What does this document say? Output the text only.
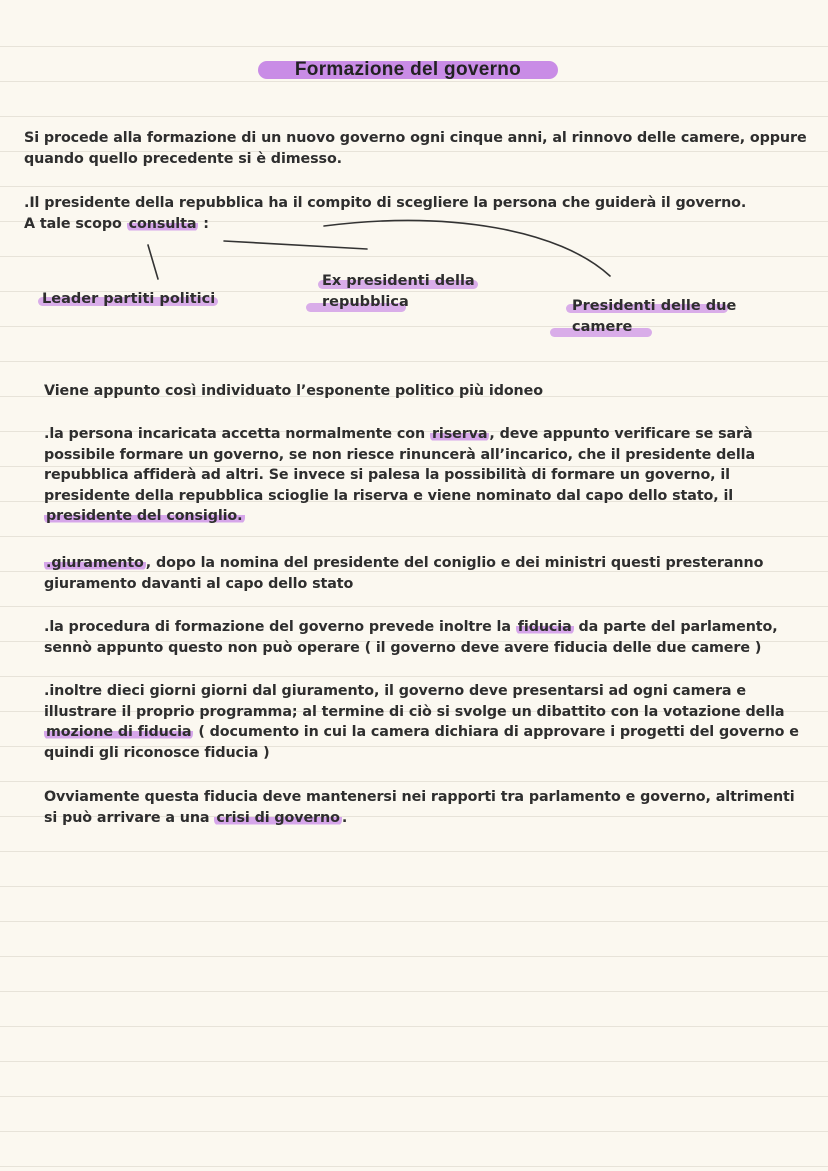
Formazione del governo
Si procede alla formazione di un nuovo governo ogni cinque anni, al rinnovo delle camere, oppure
quando quello precedente si è dimesso.
.Il presidente della repubblica ha il compito di scegliere la persona che guiderà il governo.
A tale scopo consulta :
Leader partiti politici
Ex presidenti della
repubblica	Presidenti delle due
camere
Viene appunto così individuato l’esponente politico più idoneo
.la persona incaricata accetta normalmente con riserva , deve appunto verificare se sarà
possibile formare un governo, se non riesce rinuncerà all’incarico, che il presidente della
repubblica affiderà ad altri. Se invece si palesa la possibilità di formare un governo, il
presidente della repubblica scioglie la riserva e viene nominato dal capo dello stato, il
presidente del consiglio.
.giuramento , dopo la nomina del presidente del coniglio e dei ministri questi presteranno
giuramento davanti al capo dello stato
.la procedura di formazione del governo prevede inoltre la fiducia da parte del parlamento,
sennò appunto questo non può operare ( il governo deve avere fiducia delle due camere )
.inoltre dieci giorni giorni dal giuramento, il governo deve presentarsi ad ogni camera e
illustrare il proprio programma; al termine di ciò si svolge un dibattito con la votazione della
mozione di fiducia ( documento in cui la camera dichiara di approvare i progetti del governo e
quindi gli riconosce fiducia )
Ovviamente questa fiducia deve mantenersi nei rapporti tra parlamento e governo, altrimenti
si può arrivare a una crisi di governo .
